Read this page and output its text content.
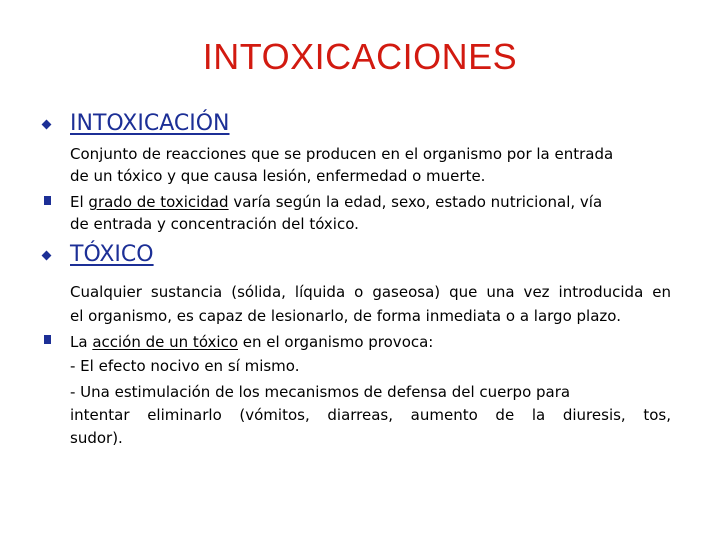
INTOXICACIONES
INTOXICACIÓN
Conjunto de reacciones que se producen en el organismo por la entrada
de un tóxico y que causa lesión, enfermedad o muerte.
El grado de toxicidad varía según la edad, sexo, estado nutricional, vía
de entrada y concentración del tóxico.
TÓXICO
Cualquier sustancia (sólida, líquida o gaseosa) que una vez introducida en
el organismo, es capaz de lesionarlo, de forma inmediata o a largo plazo.
La acción de un tóxico en el organismo provoca:
- El efecto nocivo en sí mismo.
- Una estimulación de los mecanismos de defensa del cuerpo para
intentar eliminarlo (vómitos, diarreas, aumento de la diuresis, tos,
sudor).
